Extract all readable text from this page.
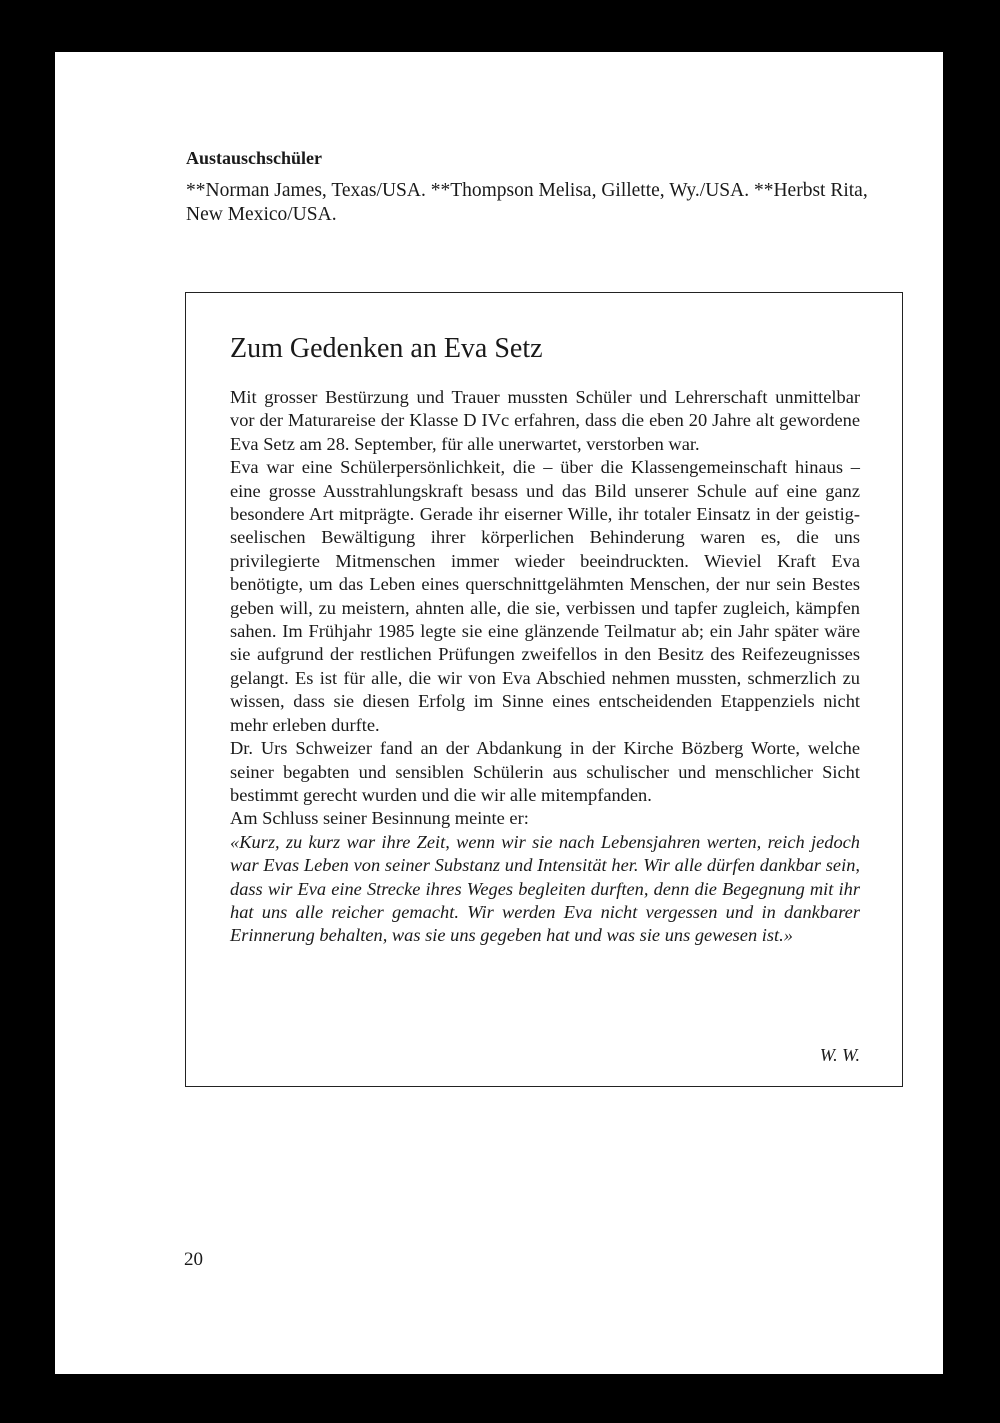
Austauschschüler

**Norman James, Texas/USA. **Thompson Melisa, Gillette, Wy./USA. **Herbst Rita, New Mexico/USA.

Zum Gedenken an Eva Setz

Mit grosser Bestürzung und Trauer mussten Schüler und Lehrerschaft unmittelbar vor der Maturareise der Klasse D IVc erfahren, dass die eben 20 Jahre alt gewordene Eva Setz am 28. September, für alle unerwartet, verstorben war.

Eva war eine Schülerpersönlichkeit, die – über die Klassengemeinschaft hinaus – eine grosse Ausstrahlungskraft besass und das Bild unserer Schule auf eine ganz besondere Art mitprägte. Gerade ihr eiserner Wille, ihr totaler Einsatz in der geistig-seelischen Bewältigung ihrer körperlichen Behinderung waren es, die uns privilegierte Mitmenschen immer wieder beeindruckten. Wieviel Kraft Eva benötigte, um das Leben eines querschnittgelähmten Menschen, der nur sein Bestes geben will, zu meistern, ahnten alle, die sie, verbissen und tapfer zugleich, kämpfen sahen. Im Frühjahr 1985 legte sie eine glänzende Teilmatur ab; ein Jahr später wäre sie aufgrund der restlichen Prüfungen zweifellos in den Besitz des Reifezeugnisses gelangt. Es ist für alle, die wir von Eva Abschied nehmen mussten, schmerzlich zu wissen, dass sie diesen Erfolg im Sinne eines entscheidenden Etappenziels nicht mehr erleben durfte.

Dr. Urs Schweizer fand an der Abdankung in der Kirche Bözberg Worte, welche seiner begabten und sensiblen Schülerin aus schulischer und menschlicher Sicht bestimmt gerecht wurden und die wir alle mitempfanden.

Am Schluss seiner Besinnung meinte er:

«Kurz, zu kurz war ihre Zeit, wenn wir sie nach Lebensjahren werten, reich jedoch war Evas Leben von seiner Substanz und Intensität her. Wir alle dürfen dankbar sein, dass wir Eva eine Strecke ihres Weges begleiten durften, denn die Begegnung mit ihr hat uns alle reicher gemacht. Wir werden Eva nicht vergessen und in dankbarer Erinnerung behalten, was sie uns gegeben hat und was sie uns gewesen ist.»

W. W.

20
